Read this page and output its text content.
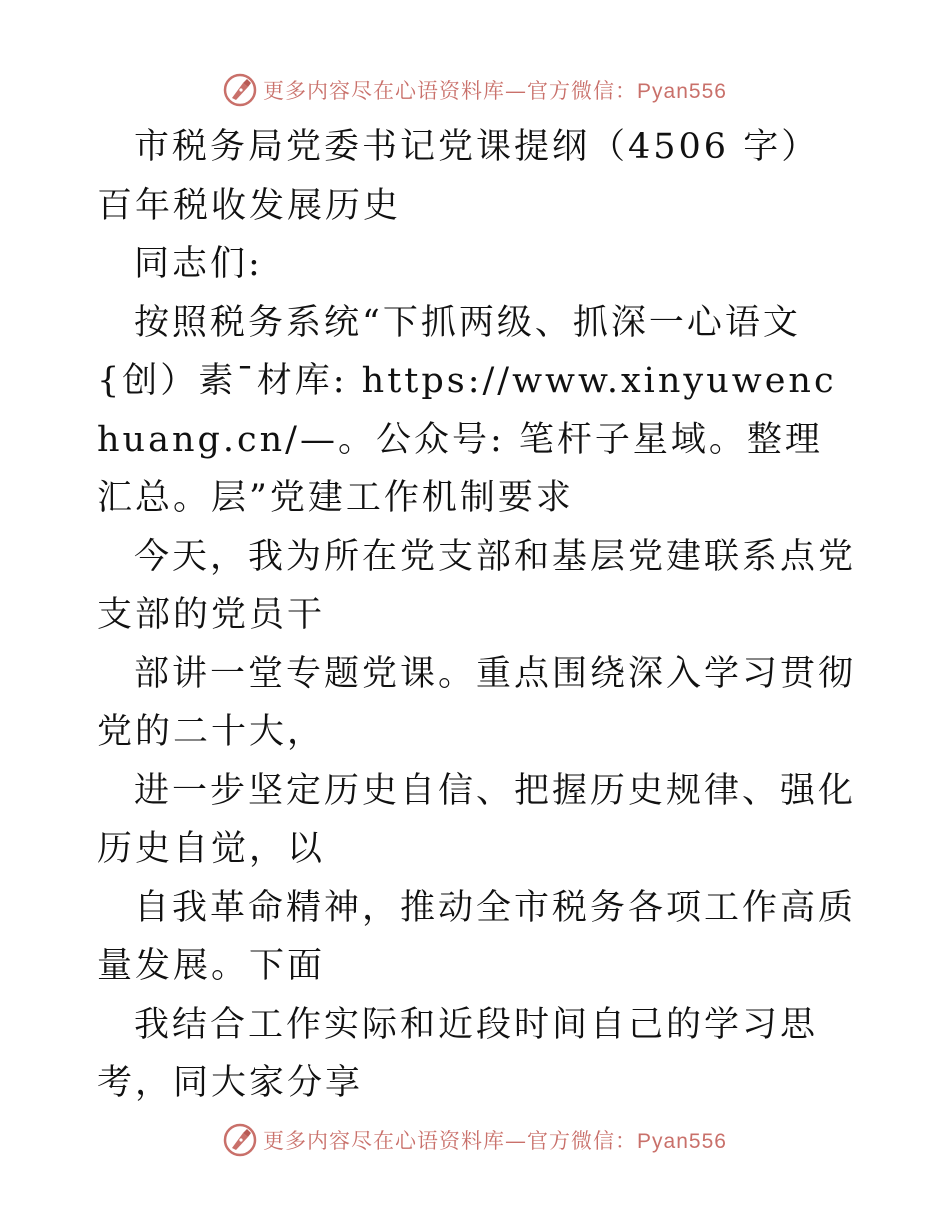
更多内容尽在心语资料库—官方微信：Pyan556

市税务局党委书记党课提纲（4506 字）百年税收发展历史

同志们:

按照税务系统“下抓两级、抓深一心语文{创）素¯材库: https://www.xinyuwenchuang.cn/—。公众号: 笔杆子星域。整理汇总。层”党建工作机制要求

今天，我为所在党支部和基层党建联系点党支部的党员干

部讲一堂专题党课。重点围绕深入学习贯彻党的二十大，

进一步坚定历史自信、把握历史规律、强化历史自觉，以

自我革命精神，推动全市税务各项工作高质量发展。下面

我结合工作实际和近段时间自己的学习思考，同大家分享

更多内容尽在心语资料库—官方微信：Pyan556
